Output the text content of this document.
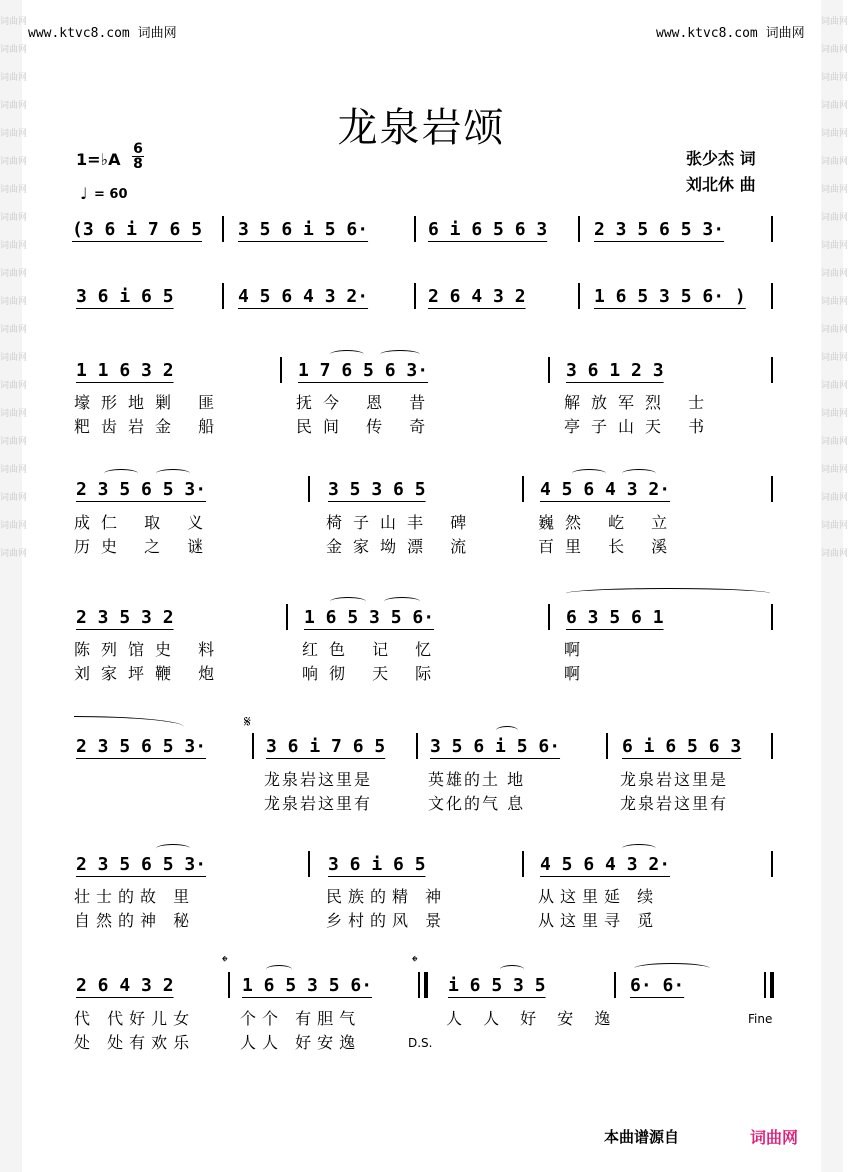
词曲网
词曲网
词曲网
词曲网
词曲网
词曲网
词曲网
词曲网
词曲网
词曲网
词曲网
词曲网
词曲网
词曲网
词曲网
词曲网
词曲网
词曲网
词曲网
词曲网
词曲网
词曲网
词曲网
词曲网
词曲网
词曲网
词曲网
词曲网
词曲网
词曲网
词曲网
词曲网
词曲网
词曲网
词曲网
词曲网
词曲网
词曲网
词曲网
词曲网
www.ktvc8.com 词曲网	www.ktvc8.com 词曲网
龙泉岩颂
1=♭A
6
8
♩ = 60
张少杰 词
刘北休 曲
(3 6 i 7 6 5 3 5 6 i 5 6·	6 i 6 5 6 3	2 3 5 6 5 3·
3 6 i 6 5	4 5 6 4 3 2·	2 6 4 3 2	1 6 5 3 5 6· )
1 1 6 3 2	1 7 6 5 6 3·	3 6 1 2 3
壕形地剿 匪	抚今 恩 昔	解放军烈 士
粑齿岩金 船	民间 传 奇	亭子山天 书
2 3 5 6 5 3·	3 5 3 6 5	4 5 6 4 3 2·
成仁 取 义	椅子山丰 碑	巍然 屹 立
历史 之 谜	金家坳漂 流	百里 长 溪
2 3 5 3 2	1 6 5 3 5 6·	6 3 5 6 1
陈列馆史 料	红色 记 忆	啊
刘家坪鞭 炮	响彻 天 际	啊
2 3 5 6 5 3·
𝄋
3 6 i 7 6 5 3 5 6 i 5 6·	6 i 6 5 6 3
龙泉岩这里是	英雄的土 地	龙泉岩这里是
龙泉岩这里有	文化的气 息	龙泉岩这里有
2 3 5 6 5 3·	3 6 i 6 5	4 5 6 4 3 2·
壮士的故 里	民族的精 神	从这里延 续
自然的神 秘	乡村的风 景	从这里寻 觅
2 6 4 3 2
𝄌
1 6 5 3 5 6·
𝄌
i 6 5 3 5	6· 6·
代 代好儿女	个个 有胆气	人 人 好 安 逸	Fine
处 处有欢乐	人人 好安逸	D.S.
本曲谱源自	词曲网
